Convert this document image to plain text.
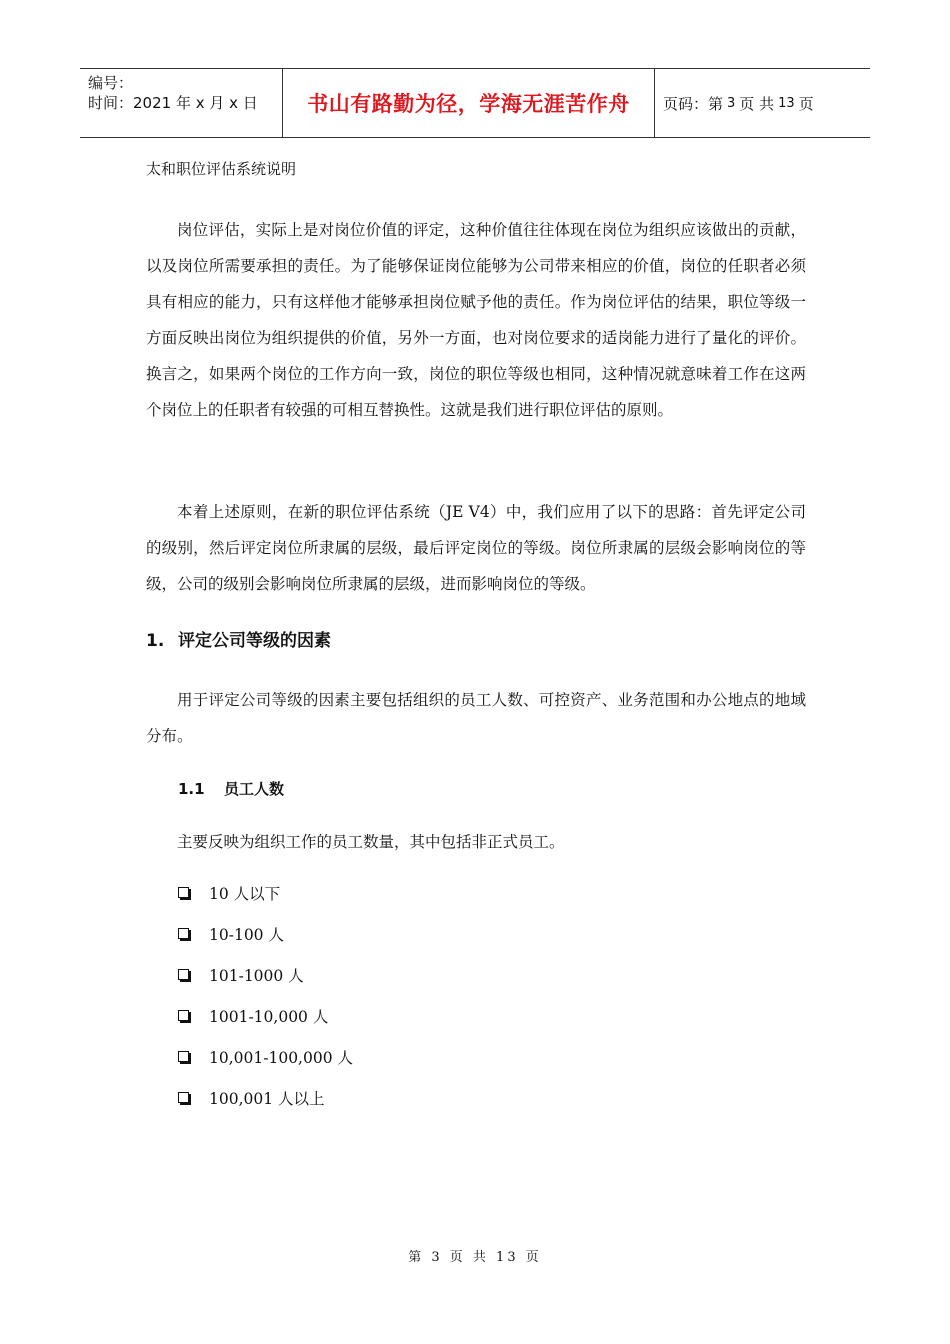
编号：
时间：2021 年 x 月 x 日	书山有路勤为径，学海无涯苦作舟 页码：第 3 页 共 13 页
太和职位评估系统说明

岗位评估，实际上是对岗位价值的评定，这种价值往往体现在岗位为组织应该做出的贡献，以及岗位所需要承担的责任。为了能够保证岗位能够为公司带来相应的价值，岗位的任职者必须具有相应的能力，只有这样他才能够承担岗位赋予他的责任。作为岗位评估的结果，职位等级一方面反映出岗位为组织提供的价值，另外一方面，也对岗位要求的适岗能力进行了量化的评价。换言之，如果两个岗位的工作方向一致，岗位的职位等级也相同，这种情况就意味着工作在这两个岗位上的任职者有较强的可相互替换性。这就是我们进行职位评估的原则。

本着上述原则，在新的职位评估系统（JE V4）中，我们应用了以下的思路：首先评定公司的级别，然后评定岗位所隶属的层级，最后评定岗位的等级。岗位所隶属的层级会影响岗位的等级，公司的级别会影响岗位所隶属的层级，进而影响岗位的等级。

1. 评定公司等级的因素

用于评定公司等级的因素主要包括组织的员工人数、可控资产、业务范围和办公地点的地域分布。

1.1 员工人数

主要反映为组织工作的员工数量，其中包括非正式员工。

10 人以下
10-100 人
101-1000 人
1001-10,000 人
10,001-100,000 人
100,001 人以上
第 3 页 共 13 页
